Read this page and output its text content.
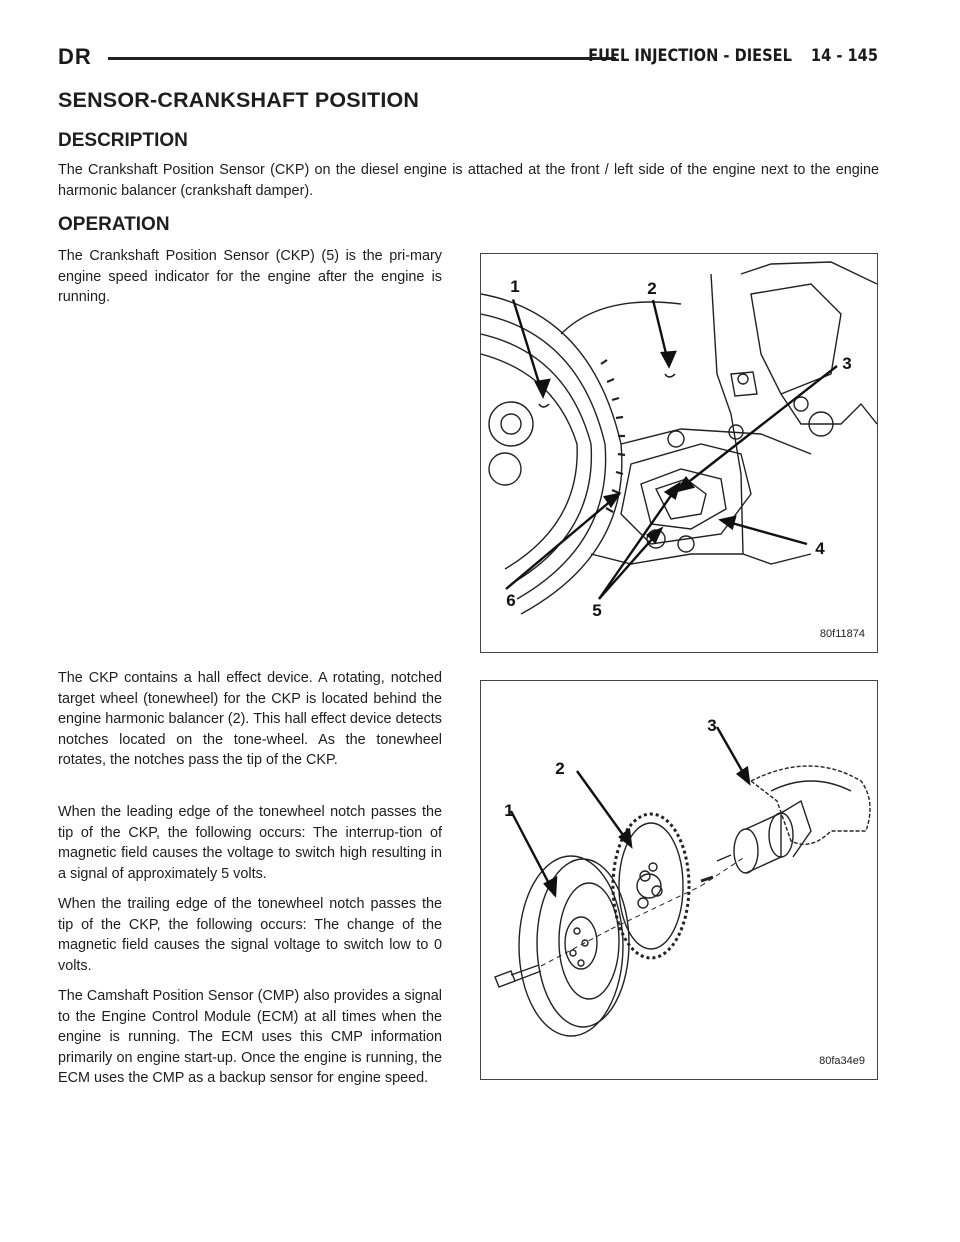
DR	FUEL INJECTION - DIESEL 14 - 145
SENSOR-CRANKSHAFT POSITION
DESCRIPTION
The Crankshaft Position Sensor (CKP) on the diesel engine is attached at the front / left side of the engine next to the engine harmonic balancer (crankshaft damper).
OPERATION
The Crankshaft Position Sensor (CKP) (5) is the pri-mary engine speed indicator for the engine after the engine is running.
The CKP contains a hall effect device. A rotating, notched target wheel (tonewheel) for the CKP is located behind the engine harmonic balancer (2). This hall effect device detects notches located on the tone-wheel. As the tonewheel rotates, the notches pass the tip of the CKP.
When the leading edge of the tonewheel notch passes the tip of the CKP, the following occurs: The interrup-tion of magnetic field causes the voltage to switch high resulting in a signal of approximately 5 volts.
When the trailing edge of the tonewheel notch passes the tip of the CKP, the following occurs: The change of the magnetic field causes the signal voltage to switch low to 0 volts.
The Camshaft Position Sensor (CMP) also provides a signal to the Engine Control Module (ECM) at all times when the engine is running. The ECM uses this CMP information primarily on engine start-up. Once the engine is running, the ECM uses the CMP as a backup sensor for engine speed.
1	2
3
4
5
6
80f11874
1
2
3
80fa34e9
